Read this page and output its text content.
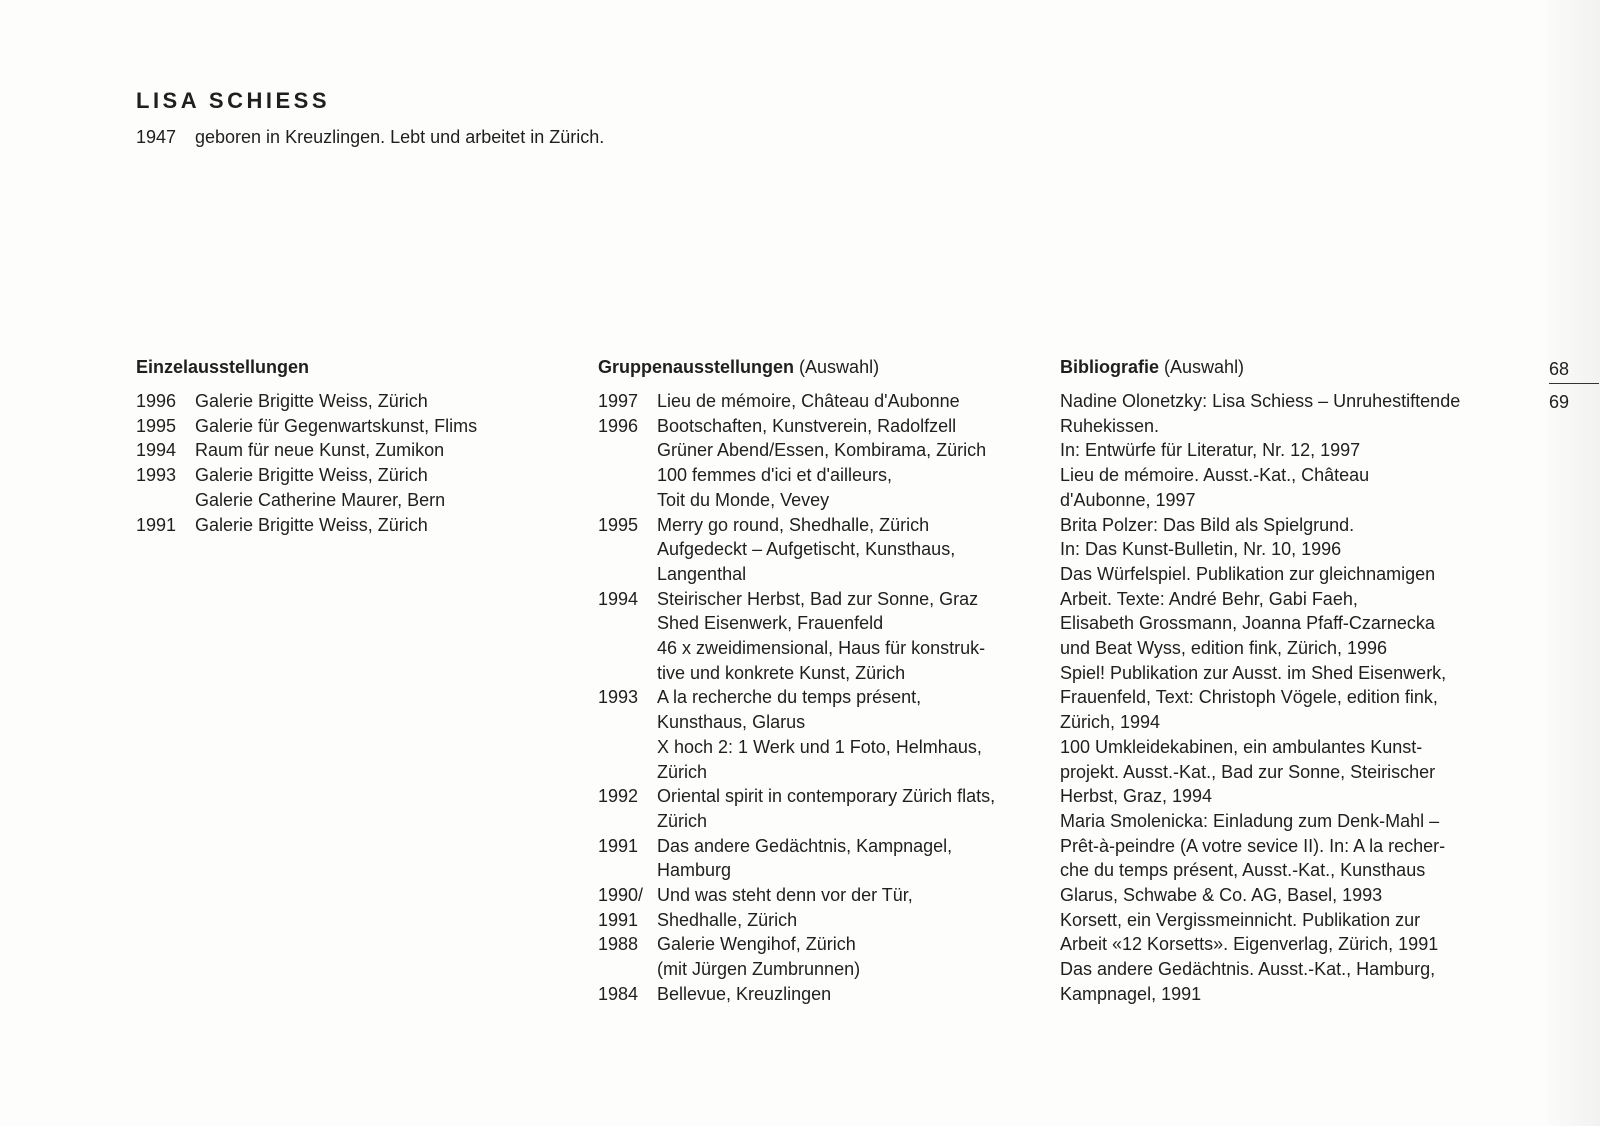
LISA SCHIESS
1947 geboren in Kreuzlingen. Lebt und arbeitet in Zürich.
Einzelausstellungen
1996	Galerie Brigitte Weiss, Zürich
1995	Galerie für Gegenwartskunst, Flims
1994	Raum für neue Kunst, Zumikon
1993	Galerie Brigitte Weiss, Zürich
Galerie Catherine Maurer, Bern
1991	Galerie Brigitte Weiss, Zürich
Gruppenausstellungen (Auswahl)
1997	Lieu de mémoire, Château d'Aubonne
1996	Bootschaften, Kunstverein, Radolfzell
Grüner Abend/Essen, Kombirama, Zürich
100 femmes d'ici et d'ailleurs,
Toit du Monde, Vevey
1995	Merry go round, Shedhalle, Zürich
Aufgedeckt – Aufgetischt, Kunsthaus,
Langenthal
1994	Steirischer Herbst, Bad zur Sonne, Graz
Shed Eisenwerk, Frauenfeld
46 x zweidimensional, Haus für konstruk-
tive und konkrete Kunst, Zürich
1993	A la recherche du temps présent,
Kunsthaus, Glarus
X hoch 2: 1 Werk und 1 Foto, Helmhaus,
Zürich
1992	Oriental spirit in contemporary Zürich flats,
Zürich
1991	Das andere Gedächtnis, Kampnagel,
Hamburg
1990/ Und was steht denn vor der Tür,
1991	Shedhalle, Zürich
1988	Galerie Wengihof, Zürich
(mit Jürgen Zumbrunnen)
1984	Bellevue, Kreuzlingen
Bibliografie (Auswahl)
Nadine Olonetzky: Lisa Schiess – Unruhestiftende
Ruhekissen.
In: Entwürfe für Literatur, Nr. 12, 1997
Lieu de mémoire. Ausst.-Kat., Château
d'Aubonne, 1997
Brita Polzer: Das Bild als Spielgrund.
In: Das Kunst-Bulletin, Nr. 10, 1996
Das Würfelspiel. Publikation zur gleichnamigen
Arbeit. Texte: André Behr, Gabi Faeh,
Elisabeth Grossmann, Joanna Pfaff-Czarnecka
und Beat Wyss, edition fink, Zürich, 1996
Spiel! Publikation zur Ausst. im Shed Eisenwerk,
Frauenfeld, Text: Christoph Vögele, edition fink,
Zürich, 1994
100 Umkleidekabinen, ein ambulantes Kunst-
projekt. Ausst.-Kat., Bad zur Sonne, Steirischer
Herbst, Graz, 1994
Maria Smolenicka: Einladung zum Denk-Mahl –
Prêt-à-peindre (A votre sevice II). In: A la recher-
che du temps présent, Ausst.-Kat., Kunsthaus
Glarus, Schwabe & Co. AG, Basel, 1993
Korsett, ein Vergissmeinnicht. Publikation zur
Arbeit «12 Korsetts». Eigenverlag, Zürich, 1991
Das andere Gedächtnis. Ausst.-Kat., Hamburg,
Kampnagel, 1991
68
69
